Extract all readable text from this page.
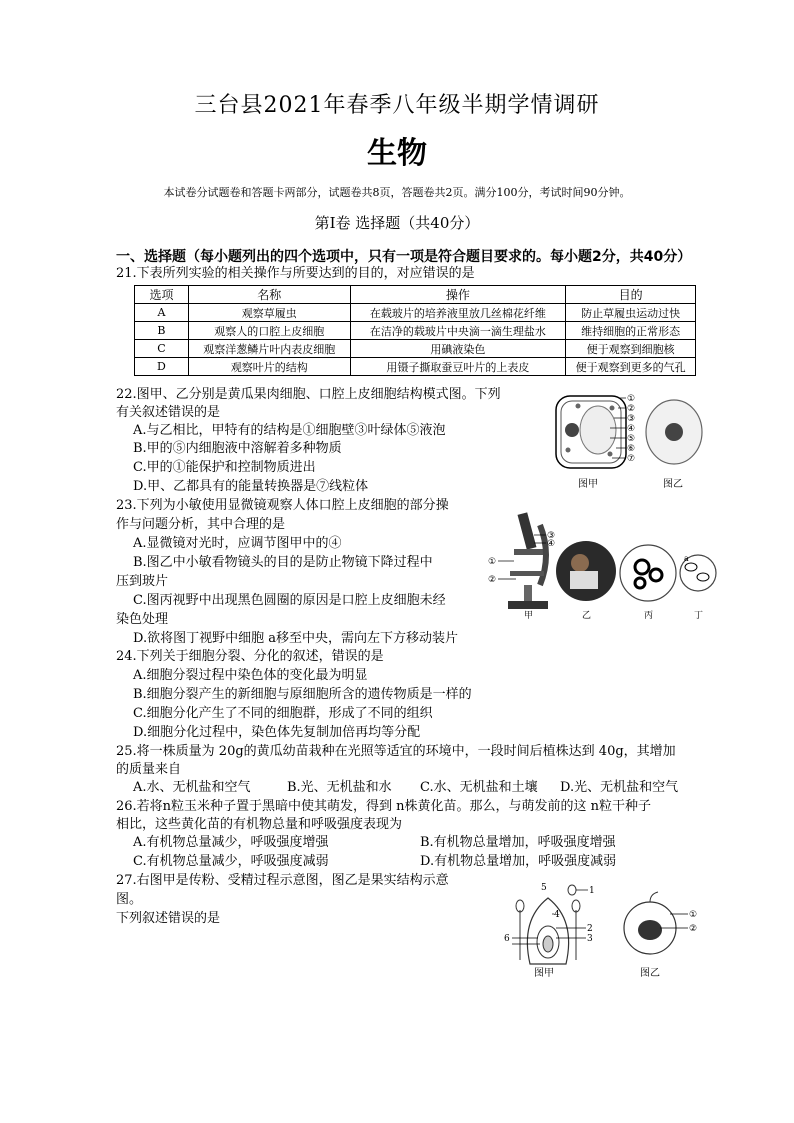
三台县2021年春季八年级半期学情调研
生物
本试卷分试题卷和答题卡两部分，试题卷共8页，答题卷共2页。满分100分，考试时间90分钟。
第Ⅰ卷 选择题（共40分）
一、选择题（每小题列出的四个选项中，只有一项是符合题目要求的。每小题2分，共40分）
21.下表所列实验的相关操作与所要达到的目的，对应错误的是
选项	名称	操作	目的
A	观察草履虫	在载玻片的培养液里放几丝棉花纤维	防止草履虫运动过快
B	观察人的口腔上皮细胞	在洁净的载玻片中央滴一滴生理盐水	维持细胞的正常形态
C	观察洋葱鳞片叶内表皮细胞	用碘液染色	便于观察到细胞核
D	观察叶片的结构	用镊子撕取蚕豆叶片的上表皮	便于观察到更多的气孔
22.图甲、乙分别是黄瓜果肉细胞、口腔上皮细胞结构模式图。下列
有关叙述错误的是
A.与乙相比，甲特有的结构是①细胞壁③叶绿体⑤液泡
B.甲的⑤内细胞液中溶解着多种物质
C.甲的①能保护和控制物质进出
D.甲、乙都具有的能量转换器是⑦线粒体
①
②
③
④
⑤
⑥
⑦
图甲	图乙
23.下列为小敏使用显微镜观察人体口腔上皮细胞的部分操
作与问题分析，其中合理的是
A.显微镜对光时，应调节图甲中的④
B.图乙中小敏看物镜头的目的是防止物镜下降过程中
压到玻片
C.图丙视野中出现黑色圆圈的原因是口腔上皮细胞未经
染色处理
D.欲将图丁视野中细胞 a移至中央，需向左下方移动装片
③
④
①
②
a
甲	乙	丙	丁
24.下列关于细胞分裂、分化的叙述，错误的是
A.细胞分裂过程中染色体的变化最为明显
B.细胞分裂产生的新细胞与原细胞所含的遗传物质是一样的
C.细胞分化产生了不同的细胞群，形成了不同的组织
D.细胞分化过程中，染色体先复制加倍再均等分配
25.将一株质量为 20g的黄瓜幼苗栽种在光照等适宜的环境中，一段时间后植株达到 40g，其增加
的质量来自
A.水、无机盐和空气	B.光、无机盐和水 C.水、无机盐和土壤 D.光、无机盐和空气
26.若将n粒玉米种子置于黑暗中使其萌发，得到 n株黄化苗。那么，与萌发前的这 n粒干种子
相比，这些黄化苗的有机物总量和呼吸强度表现为
A.有机物总量减少，呼吸强度增强	B.有机物总量增加，呼吸强度增强
C.有机物总量减少，呼吸强度减弱	D.有机物总量增加，呼吸强度减弱
27.右图甲是传粉、受精过程示意图，图乙是果实结构示意
图。
下列叙述错误的是
1
2
3
4
5
6
①
②
图甲	图乙
